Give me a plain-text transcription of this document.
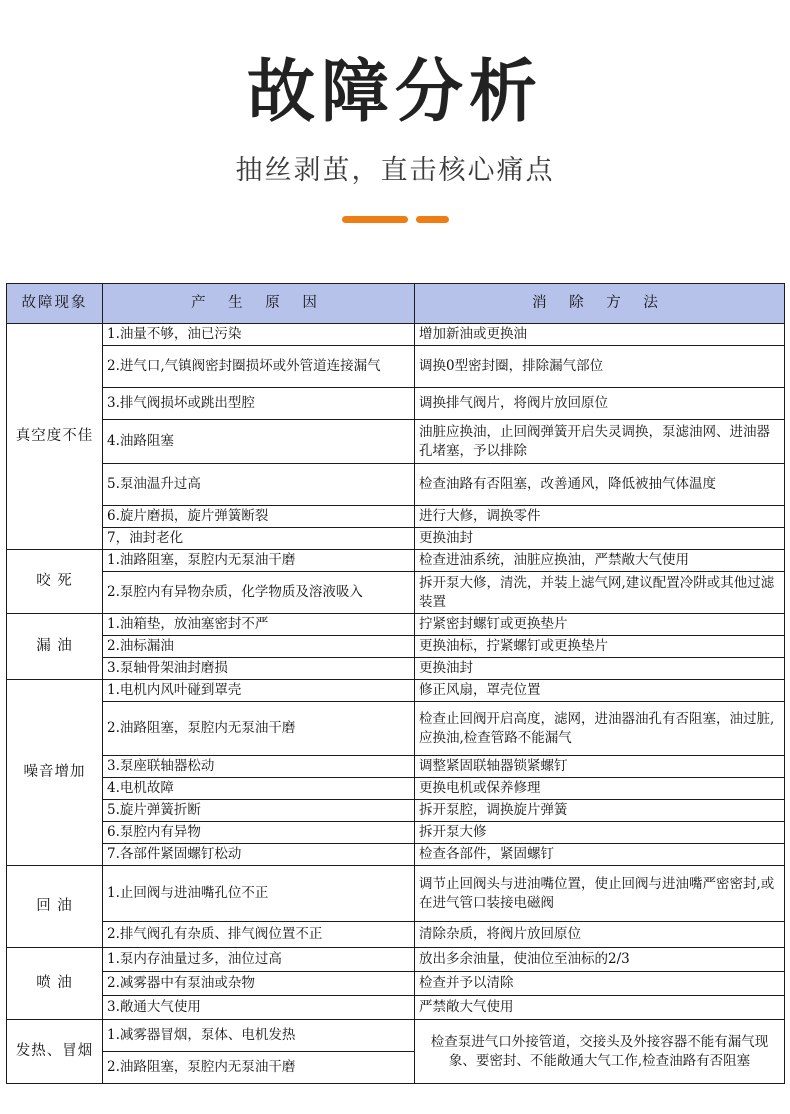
故障分析
抽丝剥茧，直击核心痛点
故障现象	产 生 原 因	消 除 方 法
真空度不佳	1.油量不够，油已污染	增加新油或更换油
	2.进气口,气镇阀密封圈损坏或外管道连接漏气	调换0型密封圈，排除漏气部位
	3.排气阀损坏或跳出型腔	调换排气阀片，将阀片放回原位
	4.油路阻塞	油脏应换油，止回阀弹簧开启失灵调换，泵滤油网、进油器孔堵塞，予以排除
	5.泵油温升过高	检查油路有否阻塞，改善通风，降低被抽气体温度
	6.旋片磨损，旋片弹簧断裂	进行大修，调换零件
	7，油封老化	更换油封
咬 死	1.油路阻塞，泵腔内无泵油干磨	检查进油系统，油脏应换油，严禁敞大气使用
	2.泵腔内有异物杂质，化学物质及溶液吸入	拆开泵大修，清洗，并装上滤气网,建议配置冷阱或其他过滤装置
漏 油	1.油箱垫，放油塞密封不严	拧紧密封螺钉或更换垫片
	2.油标漏油	更换油标，拧紧螺钉或更换垫片
	3.泵轴骨架油封磨损	更换油封
噪音增加	1.电机内风叶碰到罩壳	修正风扇，罩壳位置
	2.油路阻塞，泵腔内无泵油干磨	检查止回阀开启高度，滤网，进油器油孔有否阻塞，油过脏,应换油,检查管路不能漏气
	3.泵座联轴器松动	调整紧固联轴器锁紧螺钉
	4.电机故障	更换电机或保养修理
	5.旋片弹簧折断	拆开泵腔，调换旋片弹簧
	6.泵腔内有异物	拆开泵大修
	7.各部件紧固螺钉松动	检查各部件，紧固螺钉
回 油	1.止回阀与进油嘴孔位不正	调节止回阀头与进油嘴位置，使止回阀与进油嘴严密密封,或在进气管口装接电磁阀
	2.排气阀孔有杂质、排气阀位置不正	清除杂质，将阀片放回原位
喷 油	1.泵内存油量过多，油位过高	放出多余油量，使油位至油标的2/3
	2.减雾器中有泵油或杂物	检查并予以清除
	3.敞通大气使用	严禁敞大气使用
发热、冒烟	1.减雾器冒烟，泵体、电机发热	检查泵进气口外接管道，交接头及外接容器不能有漏气现象、要密封、不能敞通大气工作,检查油路有否阻塞
	2.油路阻塞，泵腔内无泵油干磨	
